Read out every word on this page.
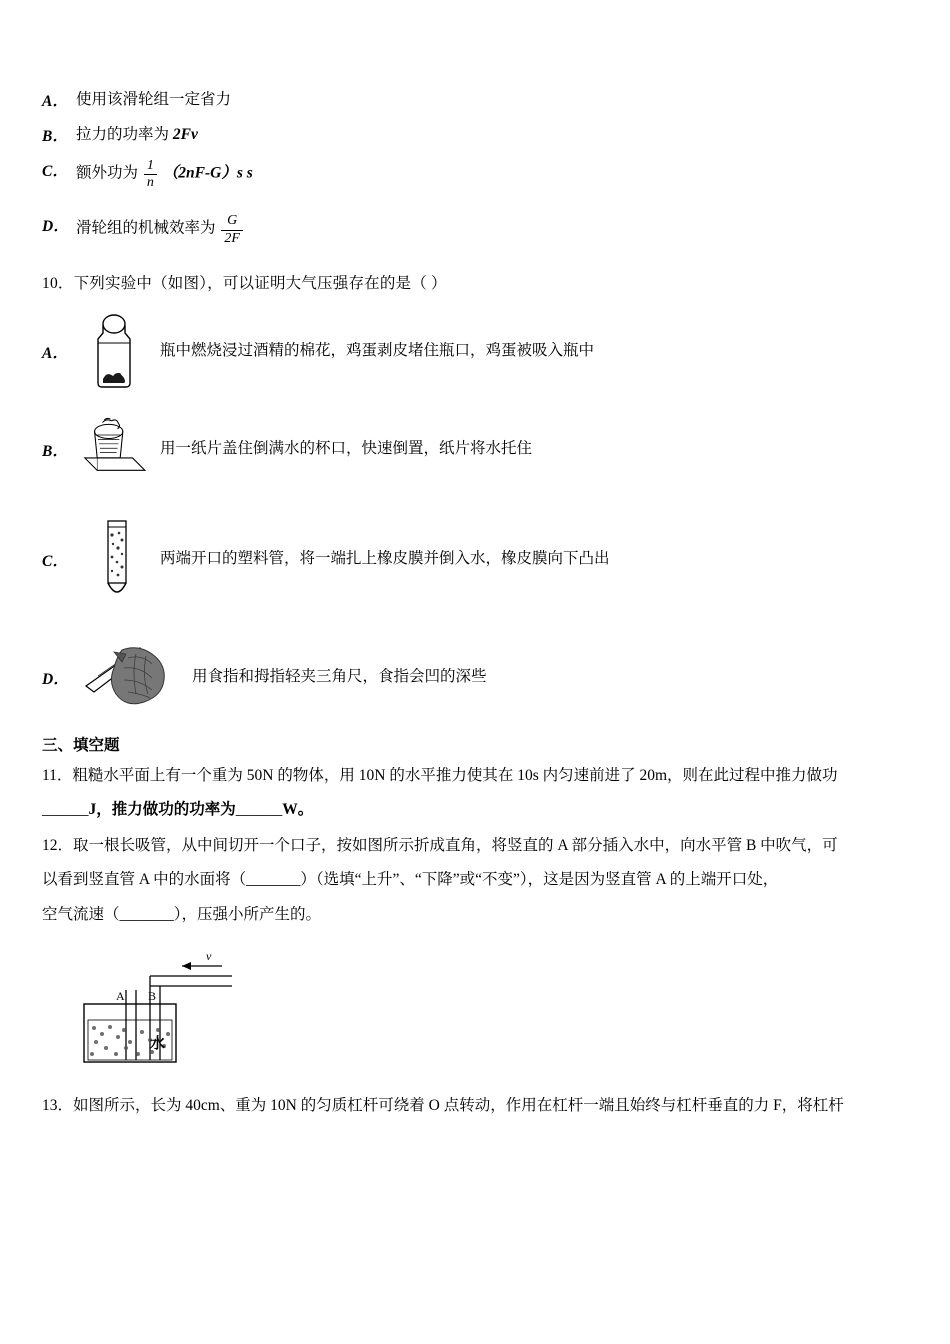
A． 使用该滑轮组一定省力
B． 拉力的功率为 2Fv
C． 额外功为 $\frac{1}{n} (2nF-G)s$ s
D． 滑轮组的机械效率为 $\frac{G}{2F}$
10．下列实验中（如图），可以证明大气压强存在的是（ ）
A．	瓶中燃烧浸过酒精的棉花，鸡蛋剥皮堵住瓶口，鸡蛋被吸入瓶中
B．	用一纸片盖住倒满水的杯口，快速倒置，纸片将水托住
C．	两端开口的塑料管，将一端扎上橡皮膜并倒入水，橡皮膜向下凸出
D．	用食指和拇指轻夹三角尺，食指会凹的深些
三、填空题
11．粗糙水平面上有一个重为 50N 的物体，用 10N 的水平推力使其在 10s 内匀速前进了 20m，则在此过程中推力做功
______J，推力做功的功率为______W。
12．取一根长吸管，从中间切开一个口子，按如图所示折成直角，将竖直的 A 部分插入水中，向水平管 B 中吹气，可
以看到竖直管 A 中的水面将（_______）（选填“上升”、“下降”或“不变”），这是因为竖直管 A 的上端开口处，
空气流速（_______），压强小所产生的。
v
A B
水
13．如图所示，长为 40cm、重为 10N 的匀质杠杆可绕着 O 点转动，作用在杠杆一端且始终与杠杆垂直的力 F，将杠杆
